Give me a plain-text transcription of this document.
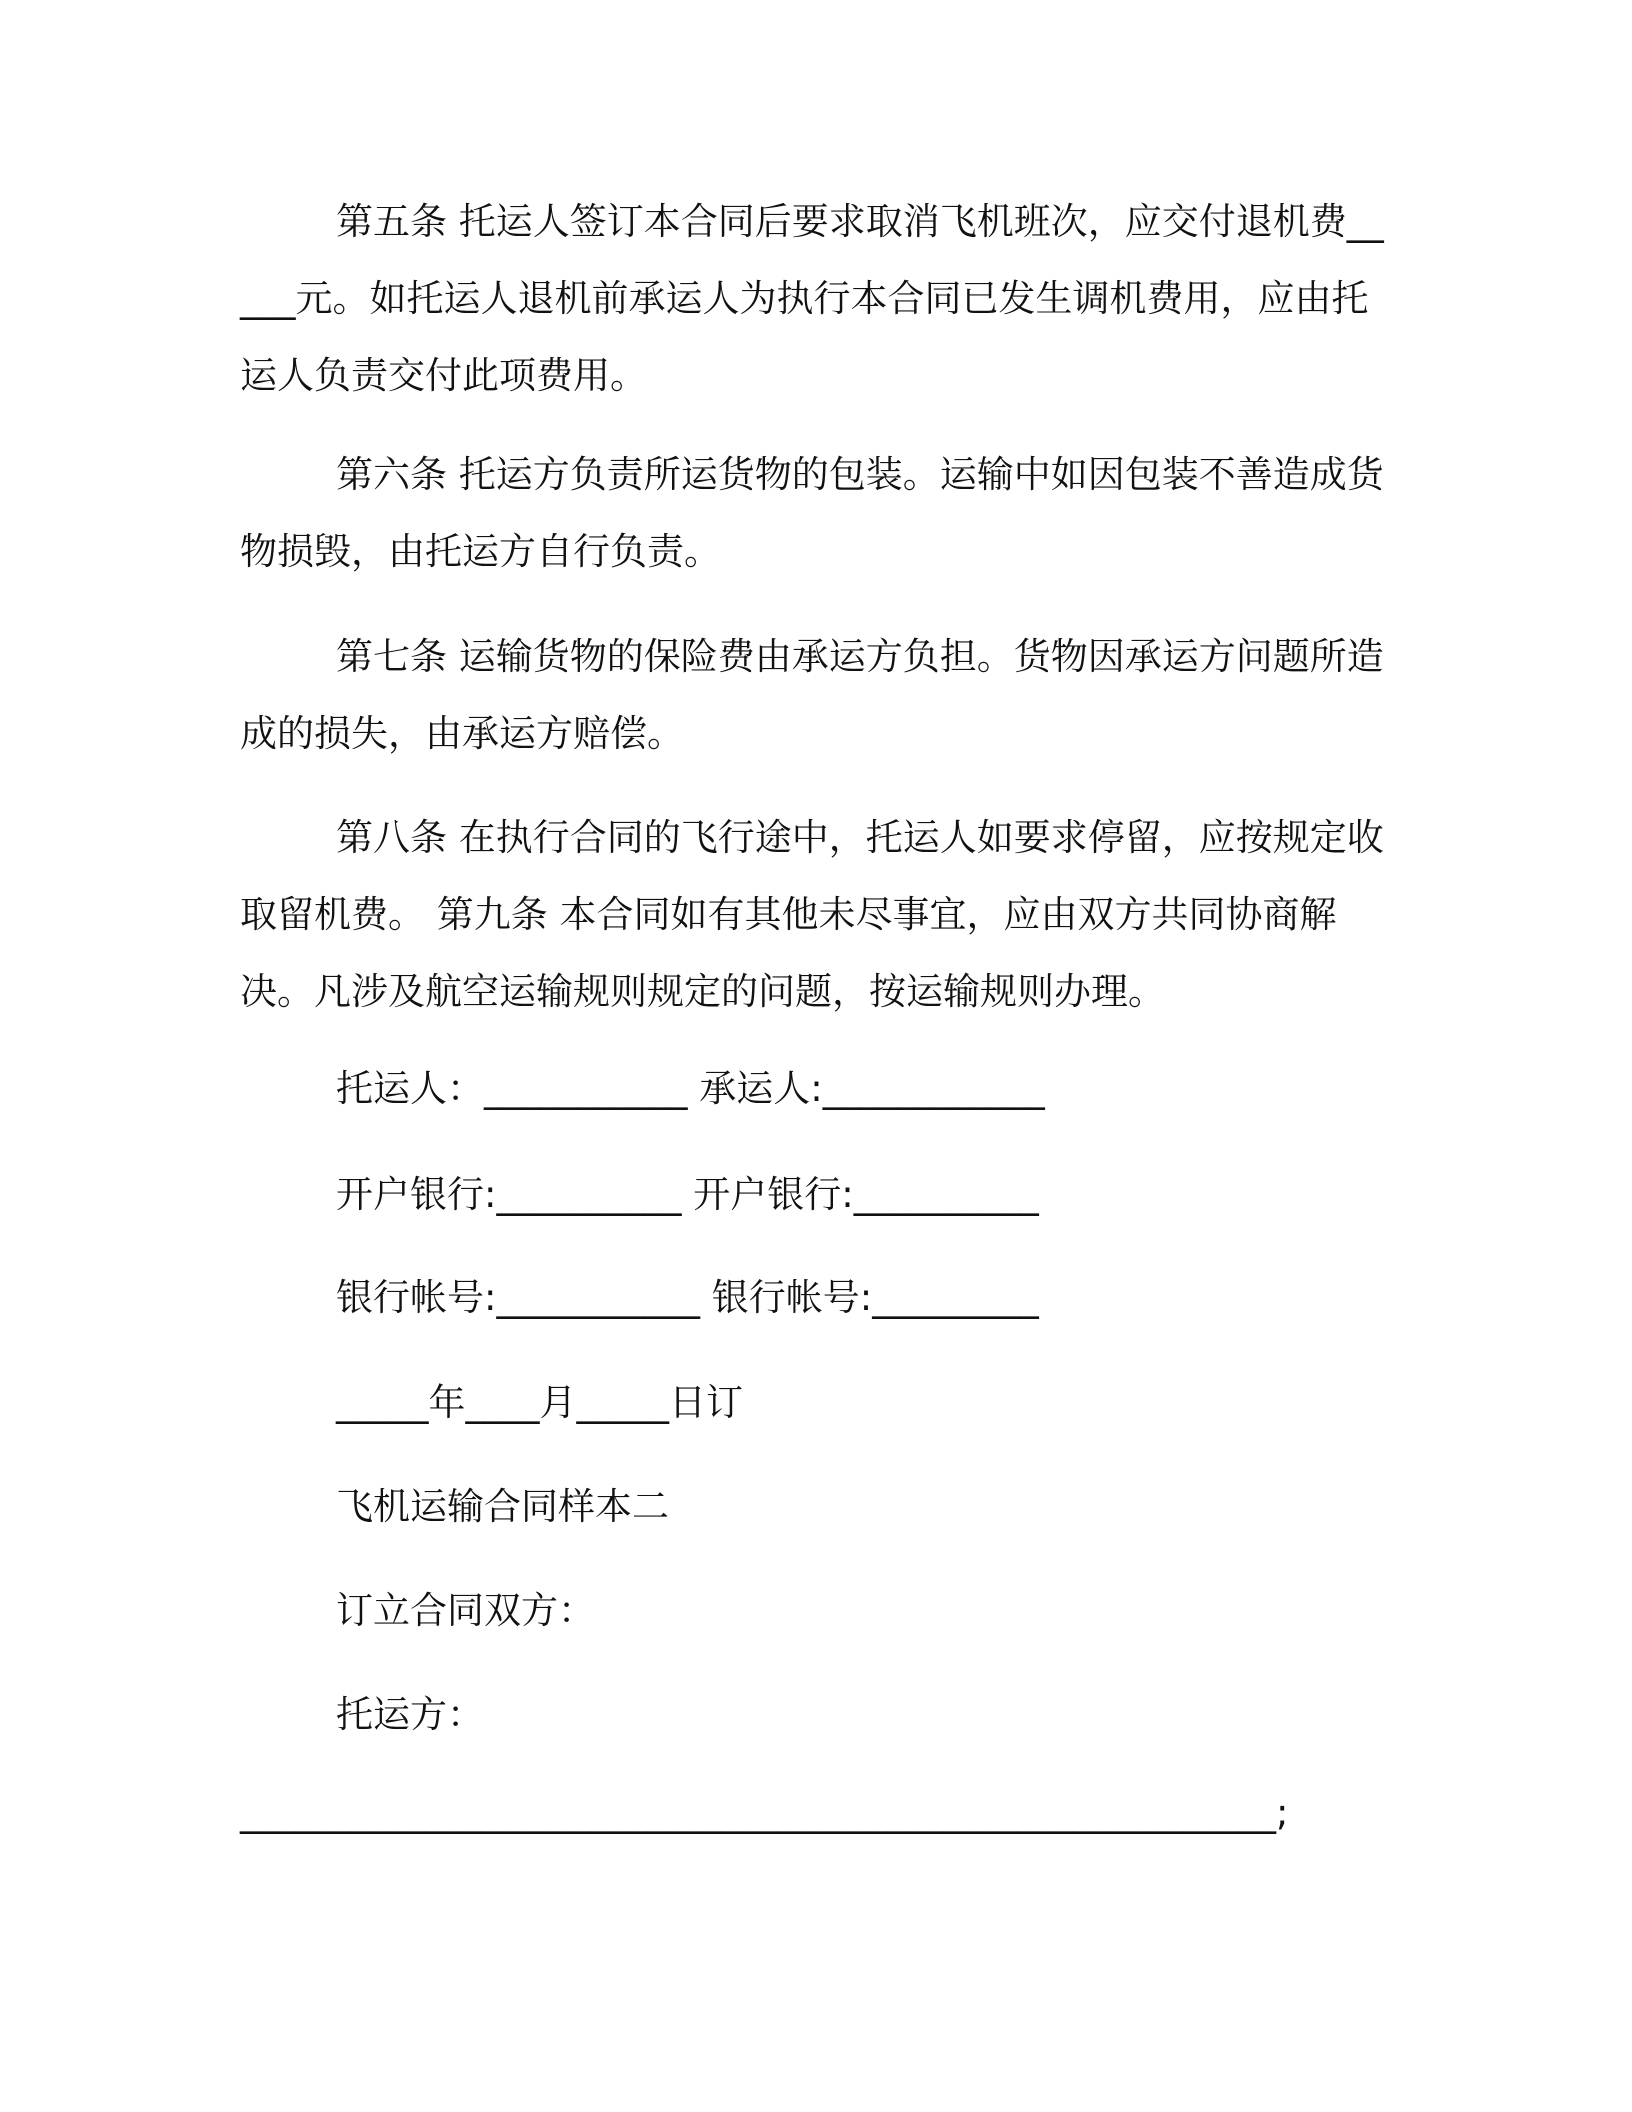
第五条 托运人签订本合同后要求取消飞机班次，应交付退机费_____元。如托运人退机前承运人为执行本合同已发生调机费用，应由托运人负责交付此项费用。
第六条 托运方负责所运货物的包装。运输中如因包装不善造成货物损毁，由托运方自行负责。
第七条 运输货物的保险费由承运方负担。货物因承运方问题所造成的损失，由承运方赔偿。
第八条 在执行合同的飞行途中，托运人如要求停留，应按规定收取留机费。 第九条 本合同如有其他未尽事宜，应由双方共同协商解决。凡涉及航空运输规则规定的问题，按运输规则办理。
托运人：___________ 承运人:____________
开户银行:__________ 开户银行:__________
银行帐号:___________ 银行帐号:_________
_____年____月_____日订
飞机运输合同样本二
订立合同双方：
托运方：
________________________________________________________;
